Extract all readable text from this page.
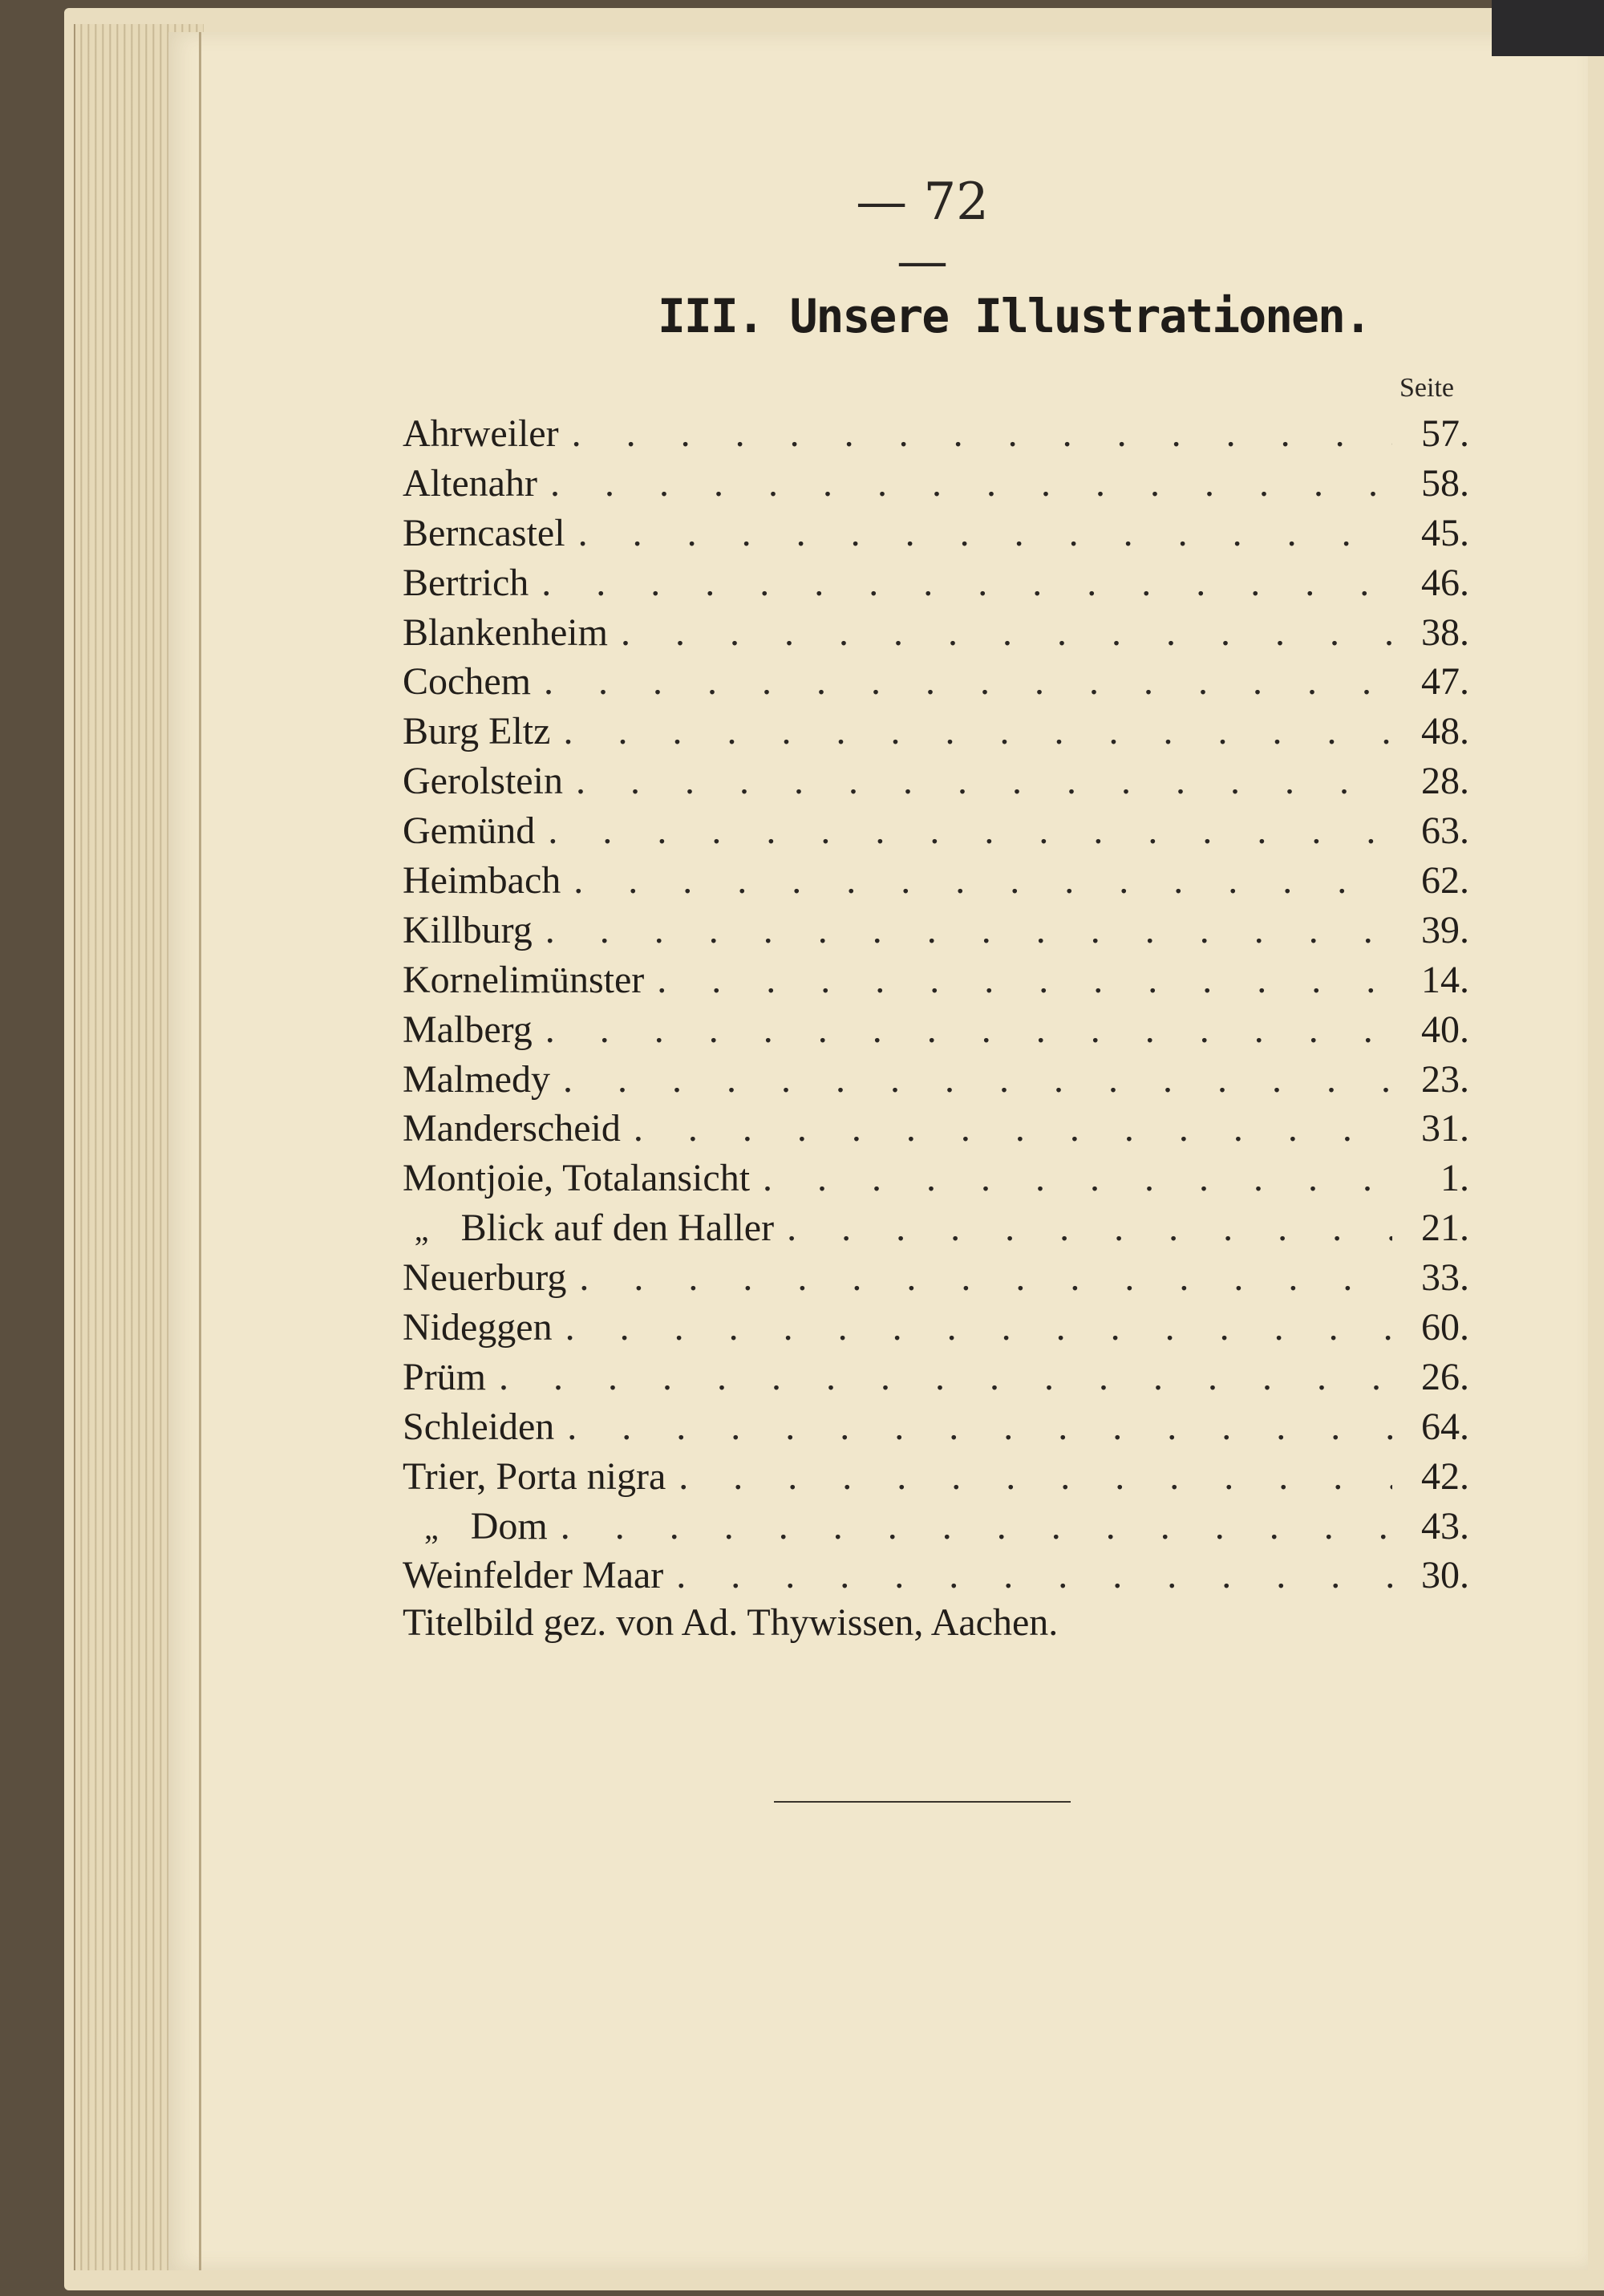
— 72 —
III. Unsere Illustrationen.
Seite
Ahrweiler . . .	57.
Altenahr . . .	58.
Berncastel . . .	45.
Bertrich . . .	46.
Blankenheim . . .	38.
Cochem . . .	47.
Burg Eltz . . .	48.
Gerolstein . . .	28.
Gemünd . . .	63.
Heimbach . . .	62.
Killburg . . .	39.
Kornelimünster . . .	14.
Malberg . . .	40.
Malmedy . . .	23.
Manderscheid . . .	31.
Montjoie, Totalansicht . . .	1.
„ Blick auf den Haller . . .	21.
Neuerburg . . .	33.
Nideggen . . .	60.
Prüm . . .	26.
Schleiden . . .	64.
Trier, Porta nigra . . .	42.
„ Dom . . .	43.
Weinfelder Maar . . .	30.
Titelbild gez. von Ad. Thywissen, Aachen.
